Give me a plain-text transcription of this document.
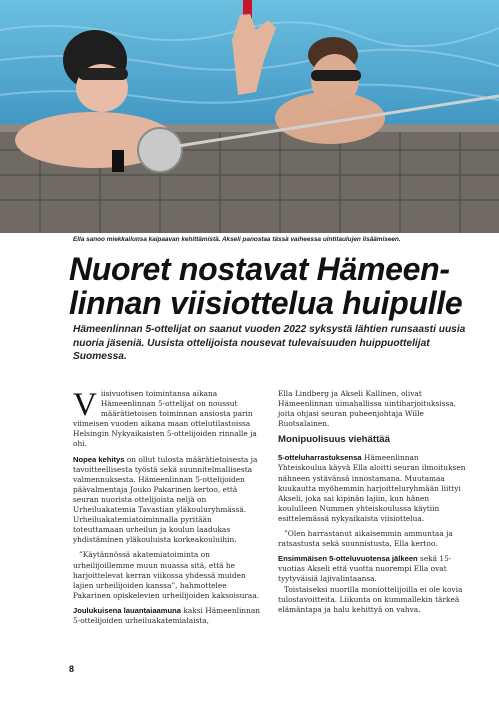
Ella sanoo miekkailunsa kaipaavan kehittämistä. Akseli panostaa tässä vaiheessa uintitaulujen lisäämiseen.
Nuoret nostavat Hämeen-
linnan viisiottelua huipulle

Hämeenlinnan 5-ottelijat on saanut vuoden 2022 syksystä lähtien runsaasti uusia nuoria jäseniä. Uusista ottelijoista nousevat tulevaisuuden huippuottelijat Suomessa.

Viisivuotisen toimintansa aikana Hämeenlinnan 5-ottelijat on noussut määrätietoisen toiminnan ansiosta parin viimeisen vuoden aikana maan ottelutilastoissa Helsingin Nykyaikaisten 5-ottelijoiden rinnalle ja ohi.

Nopea kehitys on ollut tulosta määrätietoisesta ja tavoitteellisesta työstä sekä suunnitelmallisesta valmennuksesta. Hämeenlinnan 5-ottelijoiden päävalmentaja Jouko Pakarinen kertoo, että seuran nuorista ottelijoista neljä on Urheiluakatemia Tavastian yläkouluryhmässä. Urheiluakatemiatoiminnalla pyritään toteuttamaan urheilun ja koulun laadukas yhdistäminen yläkouluista korkeakouluihin.

”Käytännössä akatemiatoiminta on urheilijoillemme muun muassa sitä, että he harjoittelevat kerran viikossa yhdessä muiden lajien urheilijoiden kanssa”, hahmottelee Pakarinen opiskelevien urheilijoiden kaksoisuraa.

Joulukuisena lauantaiaamuna kaksi Hämeenlinnan 5-ottelijoiden urheiluakatemialaista,

Ella Lindberg ja Akseli Kallinen, olivat Hämeenlinnan uimahallissa uintiharjoituksissa, joita ohjasi seuran puheenjohtaja Wille Ruotsalainen.

Monipuolisuus viehättää

5-otteluharrastuksensa Hämeenlinnan Yhteiskoulua käyvä Ella aloitti seuran ilmoituksen nähneen ystävänsä innostamana. Muutamaa kuukautta myöhemmin harjoitteluryhmään liittyi Akseli, joka sai kipinän lajiin, kun hänen koululleen Nummen yhteiskoulussa käytiin esittelemässä nykyaikaista viisiottelua.

”Olen harrastanut aikaisemmin ammuntaa ja ratsastusta sekä suunnistusta, Ella kertoo.

Ensimmäisen 5-otteluvuotensa jälkeen sekä 15-vuotias Akseli että vuotta nuorempi Ella ovat tyytyväisiä lajivalintaansa.

Toistaiseksi nuorilla moniottelijoilla ei ole kovia tulostavoitteita. Liikunta on kummallekin tärkeä elämäntapa ja halu kehittyä on vahva.

8
